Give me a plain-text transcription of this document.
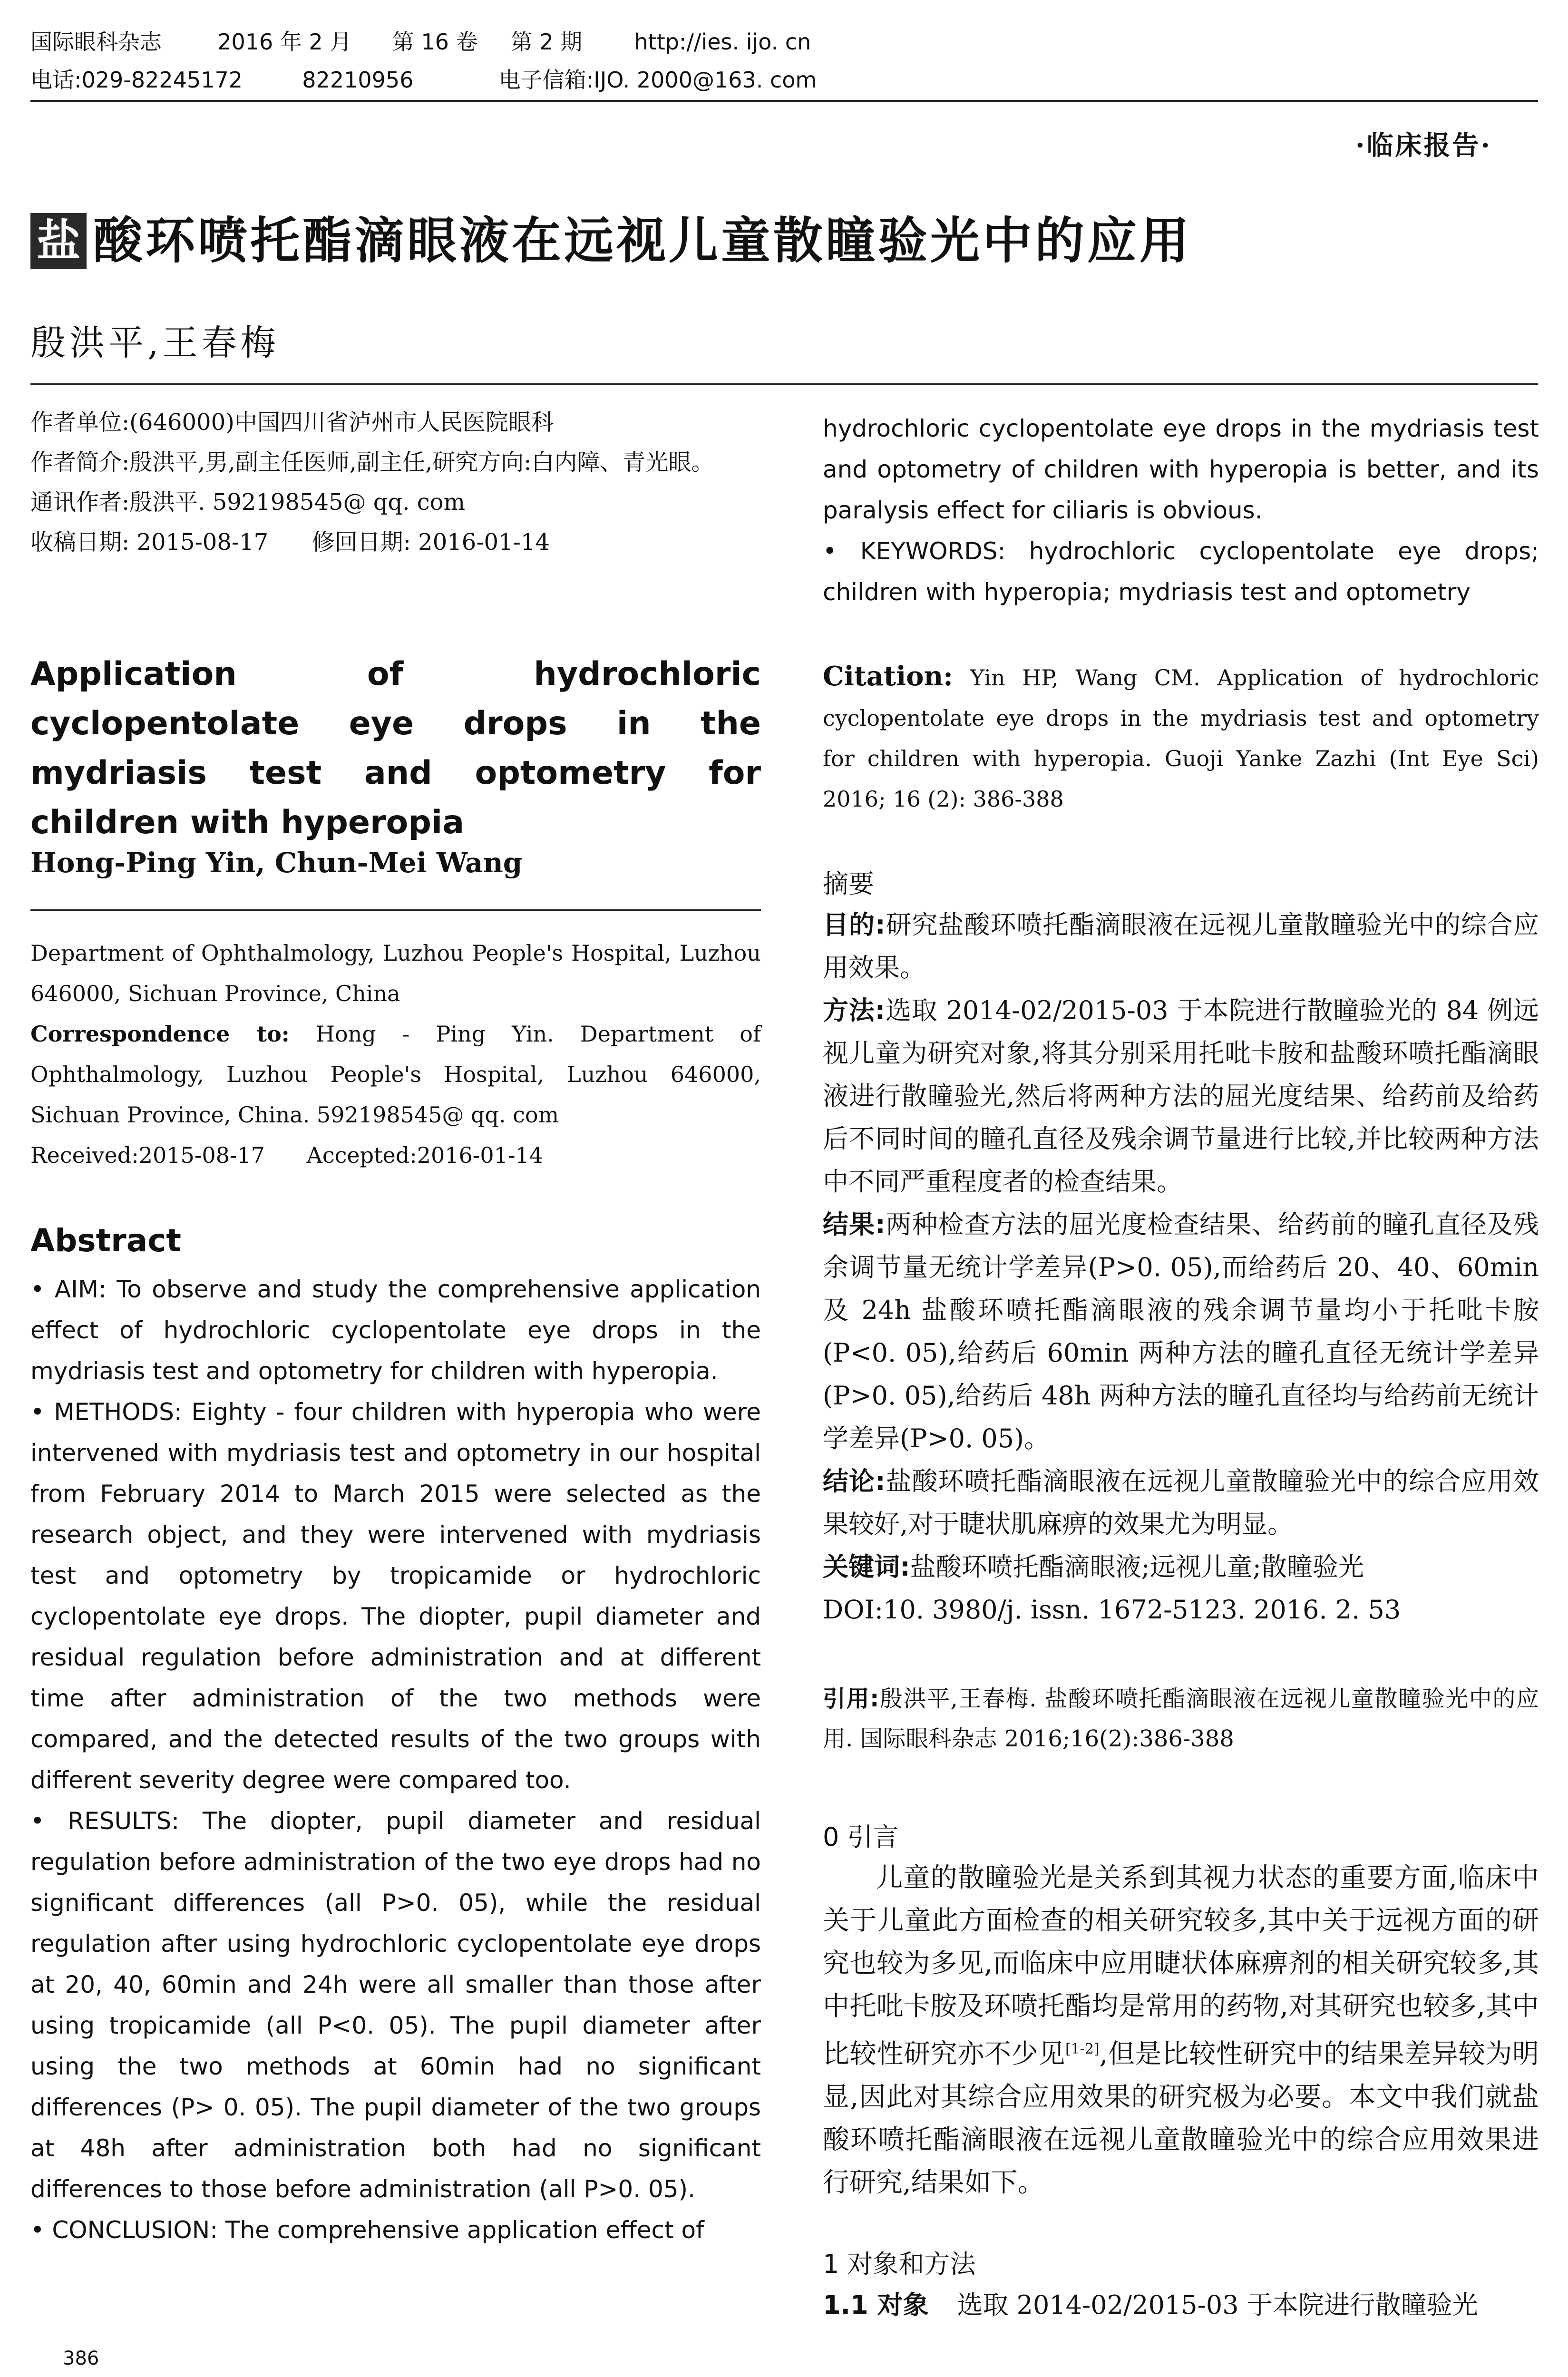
国际眼科杂志	2016 年 2 月 第 16 卷 第 2 期 http://ies. ijo. cn
电话:029-82245172	82210956	电子信箱:IJO. 2000@163. com
·临床报告·
盐 酸环喷托酯滴眼液在远视儿童散瞳验光中的应用
殷洪平,王春梅
作者单位:(646000)中国四川省泸州市人民医院眼科
作者简介:殷洪平,男,副主任医师,副主任,研究方向:白内障、青光眼。
通讯作者:殷洪平. 592198545@ qq. com
收稿日期: 2015-08-17      修回日期: 2016-01-14
Application of hydrochloric cyclopentolate eye drops in the mydriasis test and optometry for children with hyperopia
Hong-Ping Yin, Chun-Mei Wang
Department of Ophthalmology, Luzhou People's Hospital, Luzhou 646000, Sichuan Province, China
Correspondence to: Hong - Ping Yin. Department of Ophthalmology, Luzhou People's Hospital, Luzhou 646000, Sichuan Province, China. 592198545@ qq. com
Received:2015-08-17      Accepted:2016-01-14
Abstract

• AIM: To observe and study the comprehensive application effect of hydrochloric cyclopentolate eye drops in the mydriasis test and optometry for children with hyperopia.

• METHODS: Eighty - four children with hyperopia who were intervened with mydriasis test and optometry in our hospital from February 2014 to March 2015 were selected as the research object, and they were intervened with mydriasis test and optometry by tropicamide or hydrochloric cyclopentolate eye drops. The diopter, pupil diameter and residual regulation before administration and at different time after administration of the two methods were compared, and the detected results of the two groups with different severity degree were compared too.

• RESULTS: The diopter, pupil diameter and residual regulation before administration of the two eye drops had no significant differences (all P>0. 05), while the residual regulation after using hydrochloric cyclopentolate eye drops at 20, 40, 60min and 24h were all smaller than those after using tropicamide (all P<0. 05). The pupil diameter after using the two methods at 60min had no significant differences (P> 0. 05). The pupil diameter of the two groups at 48h after administration both had no significant differences to those before administration (all P>0. 05).

• CONCLUSION: The comprehensive application effect of

hydrochloric cyclopentolate eye drops in the mydriasis test and optometry of children with hyperopia is better, and its paralysis effect for ciliaris is obvious.

• KEYWORDS: hydrochloric cyclopentolate eye drops; children with hyperopia; mydriasis test and optometry

Citation: Yin HP, Wang CM. Application of hydrochloric cyclopentolate eye drops in the mydriasis test and optometry for children with hyperopia. Guoji Yanke Zazhi (Int Eye Sci) 2016; 16 (2): 386-388
摘要

目的:研究盐酸环喷托酯滴眼液在远视儿童散瞳验光中的综合应用效果。

方法:选取 2014-02/2015-03 于本院进行散瞳验光的 84 例远视儿童为研究对象,将其分别采用托吡卡胺和盐酸环喷托酯滴眼液进行散瞳验光,然后将两种方法的屈光度结果、给药前及给药后不同时间的瞳孔直径及残余调节量进行比较,并比较两种方法中不同严重程度者的检查结果。

结果:两种检查方法的屈光度检查结果、给药前的瞳孔直径及残余调节量无统计学差异(P>0. 05),而给药后 20、40、60min 及 24h 盐酸环喷托酯滴眼液的残余调节量均小于托吡卡胺(P<0. 05),给药后 60min 两种方法的瞳孔直径无统计学差异(P>0. 05),给药后 48h 两种方法的瞳孔直径均与给药前无统计学差异(P>0. 05)。

结论:盐酸环喷托酯滴眼液在远视儿童散瞳验光中的综合应用效果较好,对于睫状肌麻痹的效果尤为明显。

关键词:盐酸环喷托酯滴眼液;远视儿童;散瞳验光

DOI:10. 3980/j. issn. 1672-5123. 2016. 2. 53

引用:殷洪平,王春梅. 盐酸环喷托酯滴眼液在远视儿童散瞳验光中的应用. 国际眼科杂志 2016;16(2):386-388
0 引言
儿童的散瞳验光是关系到其视力状态的重要方面,临床中关于儿童此方面检查的相关研究较多,其中关于远视方面的研究也较为多见,而临床中应用睫状体麻痹剂的相关研究较多,其中托吡卡胺及环喷托酯均是常用的药物,对其研究也较多,其中比较性研究亦不少见[1-2],但是比较性研究中的结果差异较为明显,因此对其综合应用效果的研究极为必要。本文中我们就盐酸环喷托酯滴眼液在远视儿童散瞳验光中的综合应用效果进行研究,结果如下。
1 对象和方法
1.1 对象 选取 2014-02/2015-03 于本院进行散瞳验光
386
